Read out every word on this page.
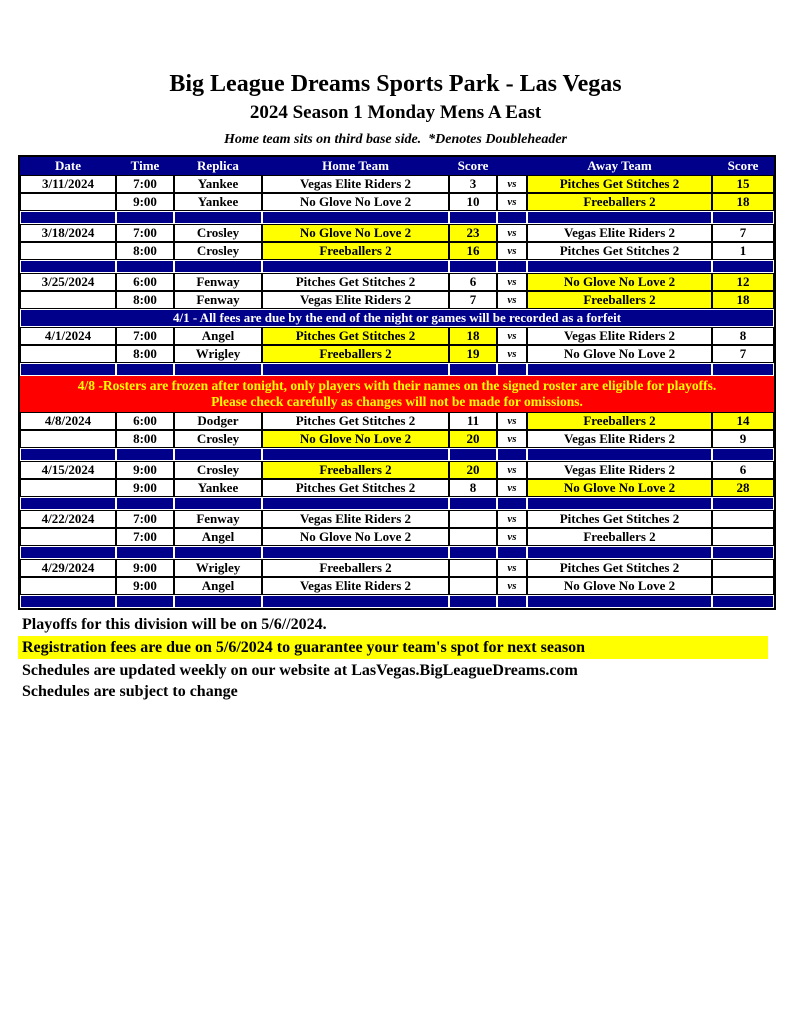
Big League Dreams Sports Park - Las Vegas
2024 Season 1 Monday Mens A East
Home team sits on third base side.  *Denotes Doubleheader
Date	Time	Replica	Home Team	Score		Away Team	Score
3/11/2024	7:00	Yankee	Vegas Elite Riders 2	3	vs	Pitches Get Stitches 2	15
	9:00	Yankee	No Glove No Love 2	10	vs	Freeballers 2	18

3/18/2024	7:00	Crosley	No Glove No Love 2	23	vs	Vegas Elite Riders 2	7
	8:00	Crosley	Freeballers 2	16	vs	Pitches Get Stitches 2	1

3/25/2024	6:00	Fenway	Pitches Get Stitches 2	6	vs	No Glove No Love 2	12
	8:00	Fenway	Vegas Elite Riders 2	7	vs	Freeballers 2	18

4/1 - All fees are due by the end of the night or games will be recorded as a forfeit							

4/1/2024	7:00	Angel	Pitches Get Stitches 2	18	vs	Vegas Elite Riders 2	8
	8:00	Wrigley	Freeballers 2	19	vs	No Glove No Love 2	7

4/8 -Rosters are frozen after tonight, only players with their names on the signed roster are eligible for playoffs.
Please check carefully as changes will not be made for omissions.							

4/8/2024	6:00	Dodger	Pitches Get Stitches 2	11	vs	Freeballers 2	14
	8:00	Crosley	No Glove No Love 2	20	vs	Vegas Elite Riders 2	9

4/15/2024	9:00	Crosley	Freeballers 2	20	vs	Vegas Elite Riders 2	6
	9:00	Yankee	Pitches Get Stitches 2	8	vs	No Glove No Love 2	28

4/22/2024	7:00	Fenway	Vegas Elite Riders 2		vs	Pitches Get Stitches 2	
	7:00	Angel	No Glove No Love 2		vs	Freeballers 2	

4/29/2024	9:00	Wrigley	Freeballers 2		vs	Pitches Get Stitches 2	
	9:00	Angel	Vegas Elite Riders 2		vs	No Glove No Love 2	

Playoffs for this division will be on 5/6//2024.
Registration fees are due on 5/6/2024 to guarantee your team's spot for next season
Schedules are updated weekly on our website at LasVegas.BigLeagueDreams.com
Schedules are subject to change
